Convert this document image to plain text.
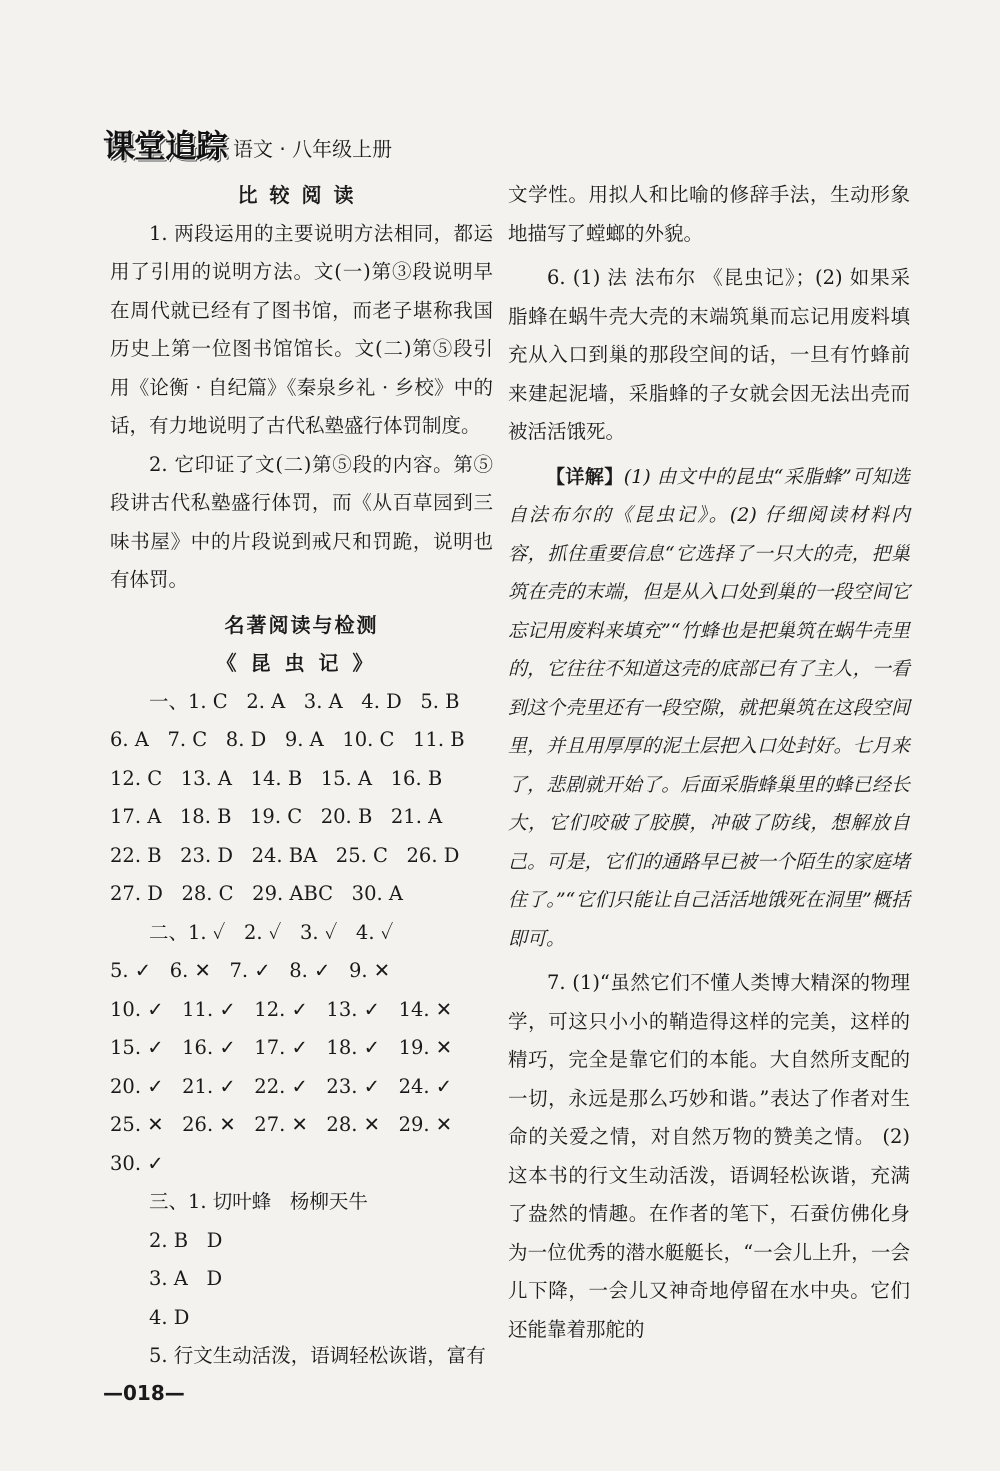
课堂追踪 语文 · 八年级上册

比较阅读

1. 两段运用的主要说明方法相同，都运用了引用的说明方法。文(一)第③段说明早在周代就已经有了图书馆，而老子堪称我国历史上第一位图书馆馆长。文(二)第⑤段引用《论衡 · 自纪篇》《秦泉乡礼 · 乡校》中的话，有力地说明了古代私塾盛行体罚制度。

2. 它印证了文(二)第⑤段的内容。第⑤段讲古代私塾盛行体罚，而《从百草园到三味书屋》中的片段说到戒尺和罚跪，说明也有体罚。

名著阅读与检测

《昆虫记》

一、1. C   2. A   3. A   4. D   5. B

6. A   7. C   8. D   9. A   10. C   11. B

12. C   13. A   14. B   15. A   16. B

17. A   18. B   19. C   20. B   21. A

22. B   23. D   24. BA   25. C   26. D

27. D   28. C   29. ABC   30. A

二、1. ✓   2. ✓   3. ✓   4. ✓

5. ✓   6. ✕   7. ✓   8. ✓   9. ✕

10. ✓   11. ✓   12. ✓   13. ✓   14. ✕

15. ✓   16. ✓   17. ✓   18. ✓   19. ✕

20. ✓   21. ✓   22. ✓   23. ✓   24. ✓

25. ✕   26. ✕   27. ✕   28. ✕   29. ✕

30. ✓

三、1. 切叶蜂   杨柳天牛

2. B   D

3. A   D

4. D

5. 行文生动活泼，语调轻松诙谐，富有

文学性。用拟人和比喻的修辞手法，生动形象地描写了螳螂的外貌。

6. (1) 法 法布尔 《昆虫记》；(2) 如果采脂蜂在蜗牛壳大壳的末端筑巢而忘记用废料填充从入口到巢的那段空间的话，一旦有竹蜂前来建起泥墙，采脂蜂的子女就会因无法出壳而被活活饿死。

【详解】(1) 由文中的昆虫“采脂蜂”可知选自法布尔的《昆虫记》。(2) 仔细阅读材料内容，抓住重要信息“它选择了一只大的壳，把巢筑在壳的末端，但是从入口处到巢的一段空间它忘记用废料来填充”“竹蜂也是把巢筑在蜗牛壳里的，它往往不知道这壳的底部已有了主人，一看到这个壳里还有一段空隙，就把巢筑在这段空间里，并且用厚厚的泥土层把入口处封好。七月来了，悲剧就开始了。后面采脂蜂巢里的蜂已经长大，它们咬破了胶膜，冲破了防线，想解放自己。可是，它们的通路早已被一个陌生的家庭堵住了。”“它们只能让自己活活地饿死在洞里”概括即可。

7. (1)“虽然它们不懂人类博大精深的物理学，可这只小小的鞘造得这样的完美，这样的精巧，完全是靠它们的本能。大自然所支配的一切，永远是那么巧妙和谐。”表达了作者对生命的关爱之情，对自然万物的赞美之情。 (2) 这本书的行文生动活泼，语调轻松诙谐，充满了盎然的情趣。在作者的笔下，石蚕仿佛化身为一位优秀的潜水艇艇长，“一会儿上升，一会儿下降，一会儿又神奇地停留在水中央。它们还能靠着那舵的

—018—
